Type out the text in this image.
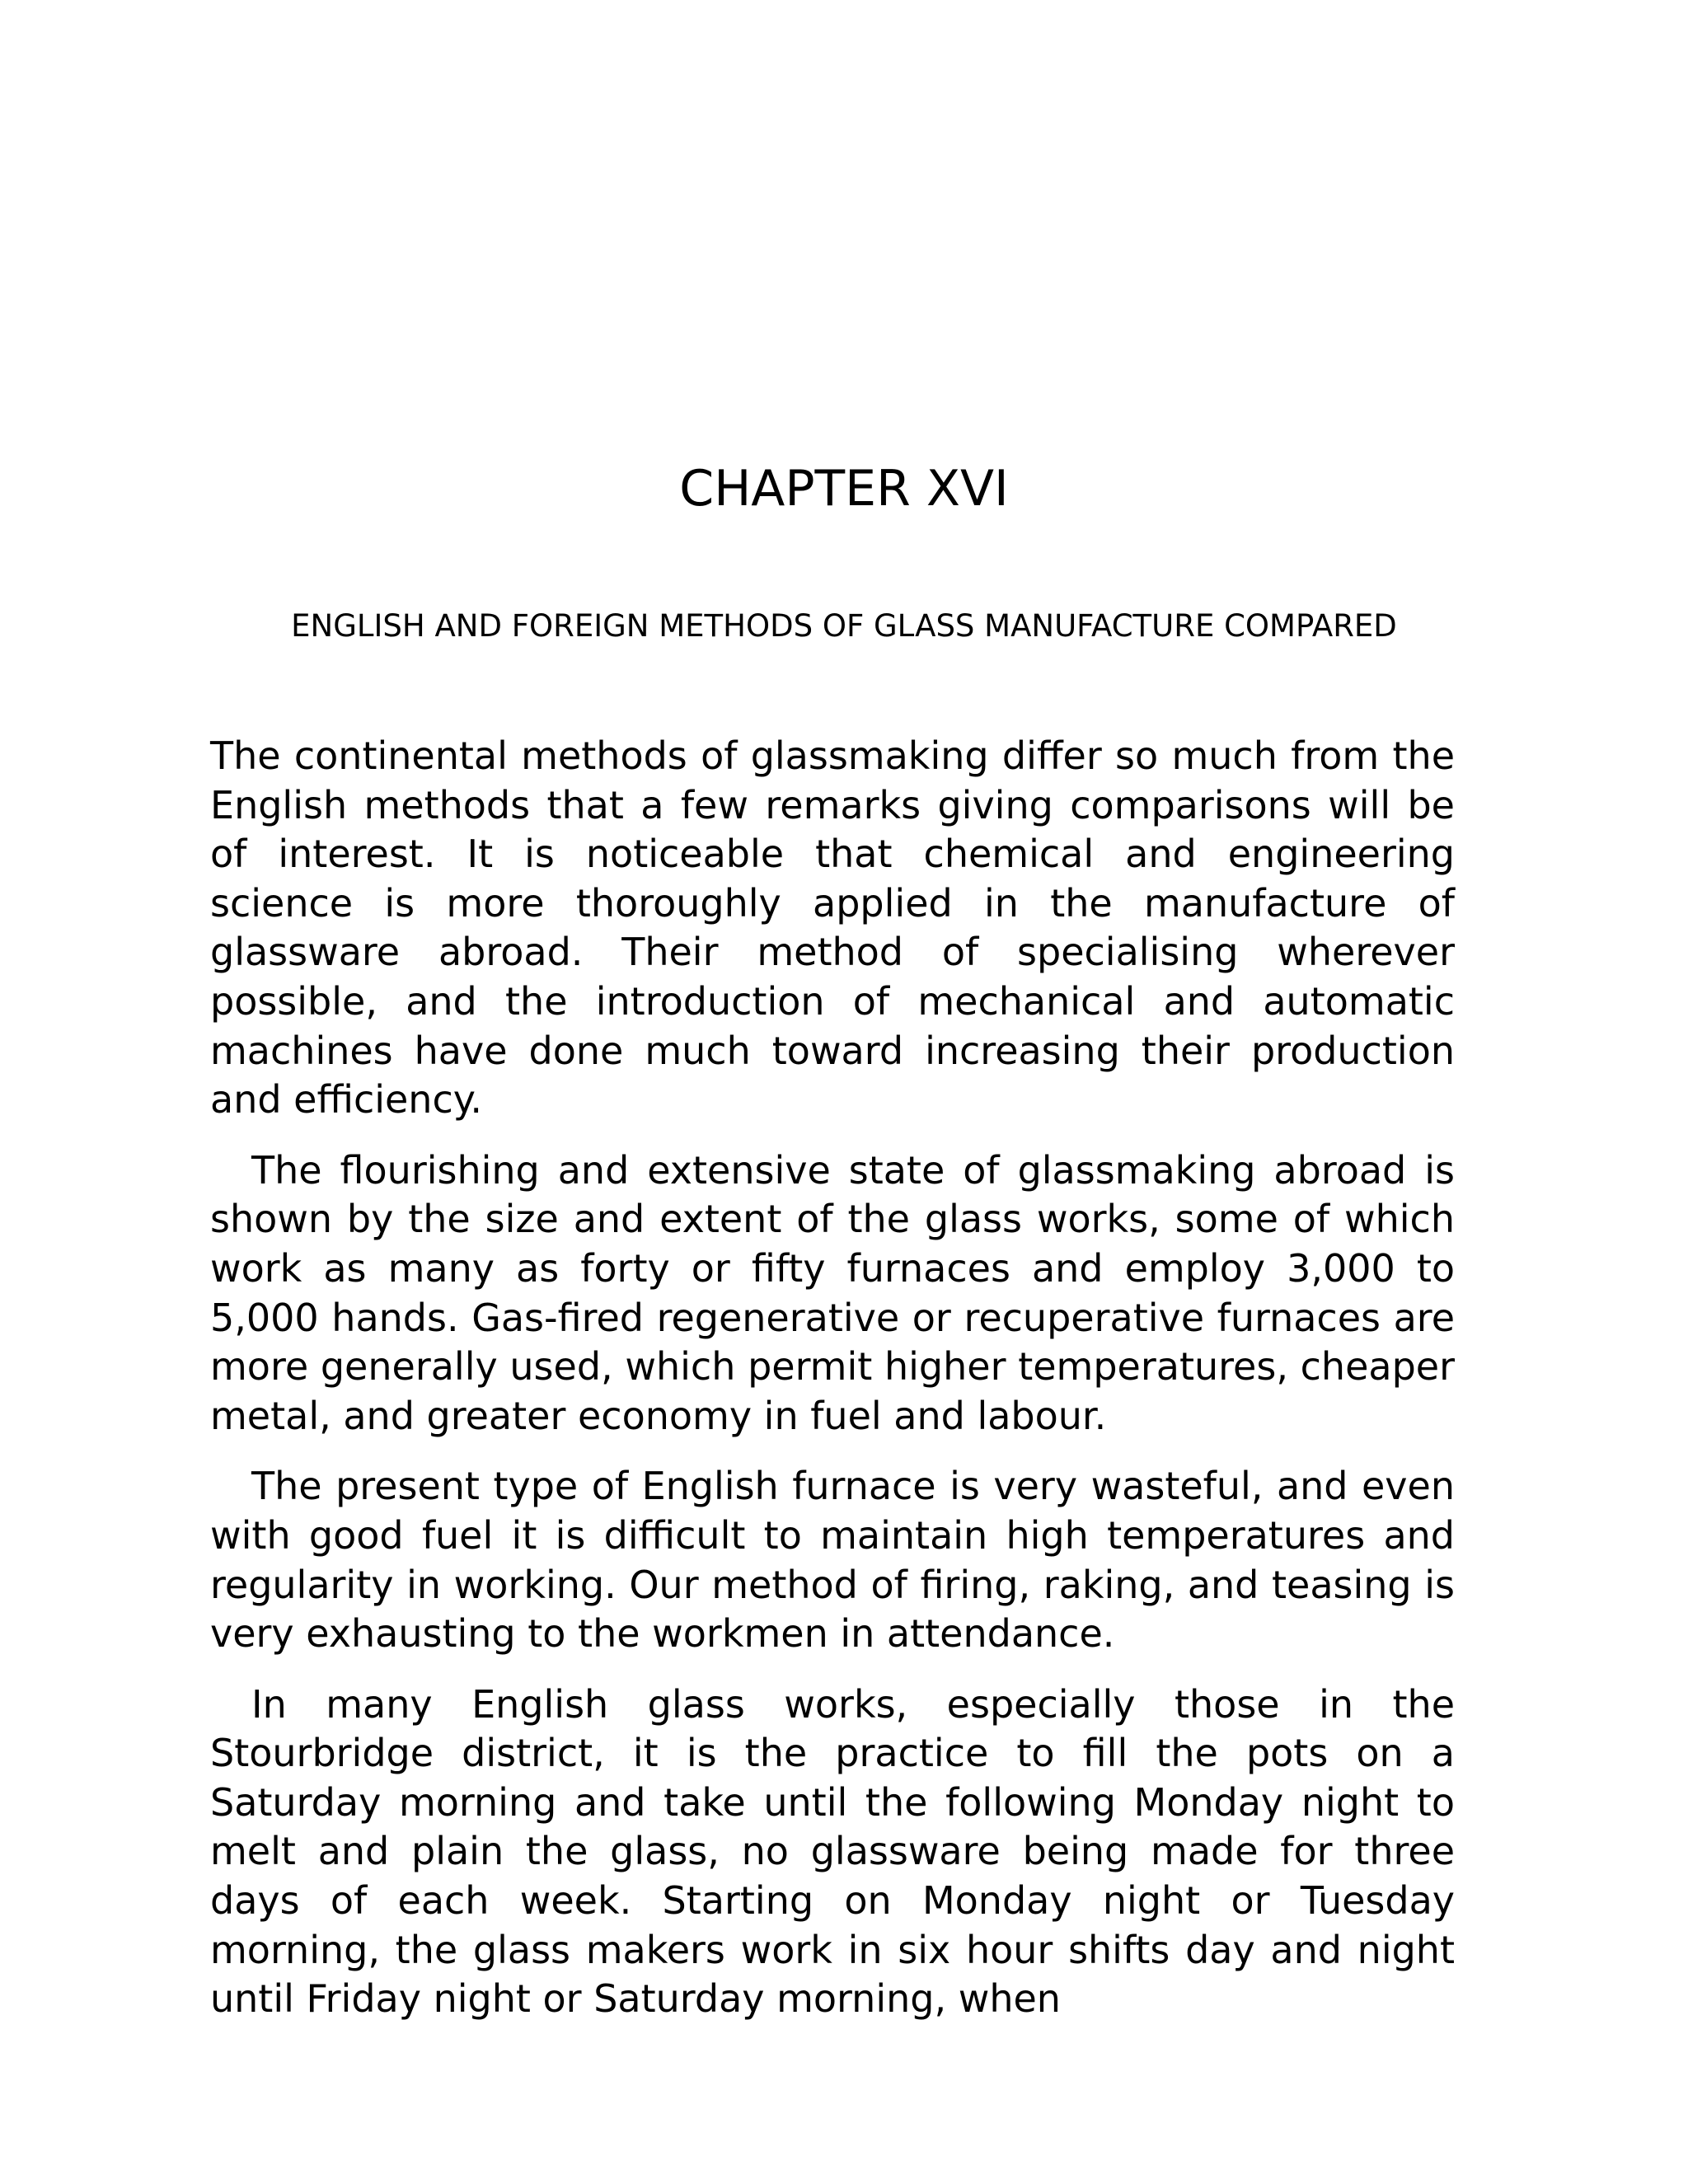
CHAPTER XVI
ENGLISH AND FOREIGN METHODS OF GLASS MANUFACTURE COMPARED

The continental methods of glassmaking differ so much from the English methods that a few remarks giving comparisons will be of interest. It is noticeable that chemical and engineering science is more thoroughly applied in the manufacture of glassware abroad. Their method of specialising wherever possible, and the introduction of mechanical and automatic machines have done much toward increasing their production and efficiency.

The flourishing and extensive state of glassmaking abroad is shown by the size and extent of the glass works, some of which work as many as forty or fifty furnaces and employ 3,000 to 5,000 hands. Gas-fired regenerative or recuperative furnaces are more generally used, which permit higher temperatures, cheaper metal, and greater economy in fuel and labour.

The present type of English furnace is very wasteful, and even with good fuel it is difficult to maintain high temperatures and regularity in working. Our method of firing, raking, and teasing is very exhausting to the workmen in attendance.

In many English glass works, especially those in the Stourbridge district, it is the practice to fill the pots on a Saturday morning and take until the following Monday night to melt and plain the glass, no glassware being made for three days of each week. Starting on Monday night or Tuesday morning, the glass makers work in six hour shifts day and night until Friday night or Saturday morning, when
